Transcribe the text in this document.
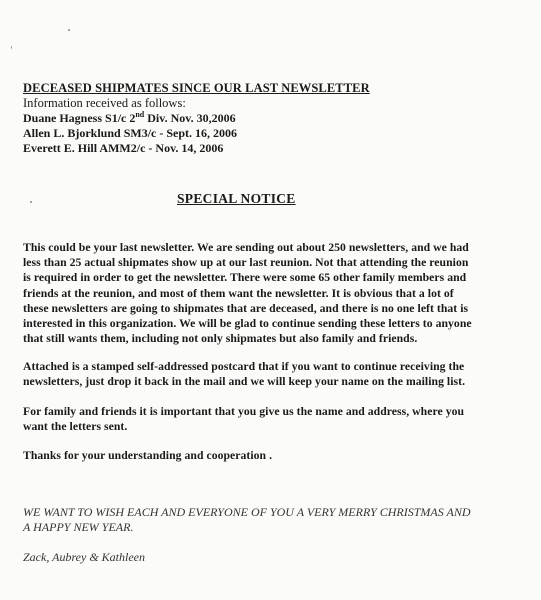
DECEASED SHIPMATES SINCE OUR LAST NEWSLETTER
Information received as follows:
Duane Hagness S1/c 2nd Div. Nov. 30,2006
Allen L. Bjorklund SM3/c - Sept. 16, 2006
Everett E. Hill AMM2/c - Nov. 14, 2006
SPECIAL NOTICE
This could be your last newsletter. We are sending out about 250 newsletters, and we had
less than 25 actual shipmates show up at our last reunion. Not that attending the reunion
is required in order to get the newsletter. There were some 65 other family members and
friends at the reunion, and most of them want the newsletter. It is obvious that a lot of
these newsletters are going to shipmates that are deceased, and there is no one left that is
interested in this organization. We will be glad to continue sending these letters to anyone
that still wants them, including not only shipmates but also family and friends.
Attached is a stamped self-addressed postcard that if you want to continue receiving the
newsletters, just drop it back in the mail and we will keep your name on the mailing list.
For family and friends it is important that you give us the name and address, where you
want the letters sent.
Thanks for your understanding and cooperation .
WE WANT TO WISH EACH AND EVERYONE OF YOU A VERY MERRY CHRISTMAS AND
A HAPPY NEW YEAR.
Zack, Aubrey & Kathleen
